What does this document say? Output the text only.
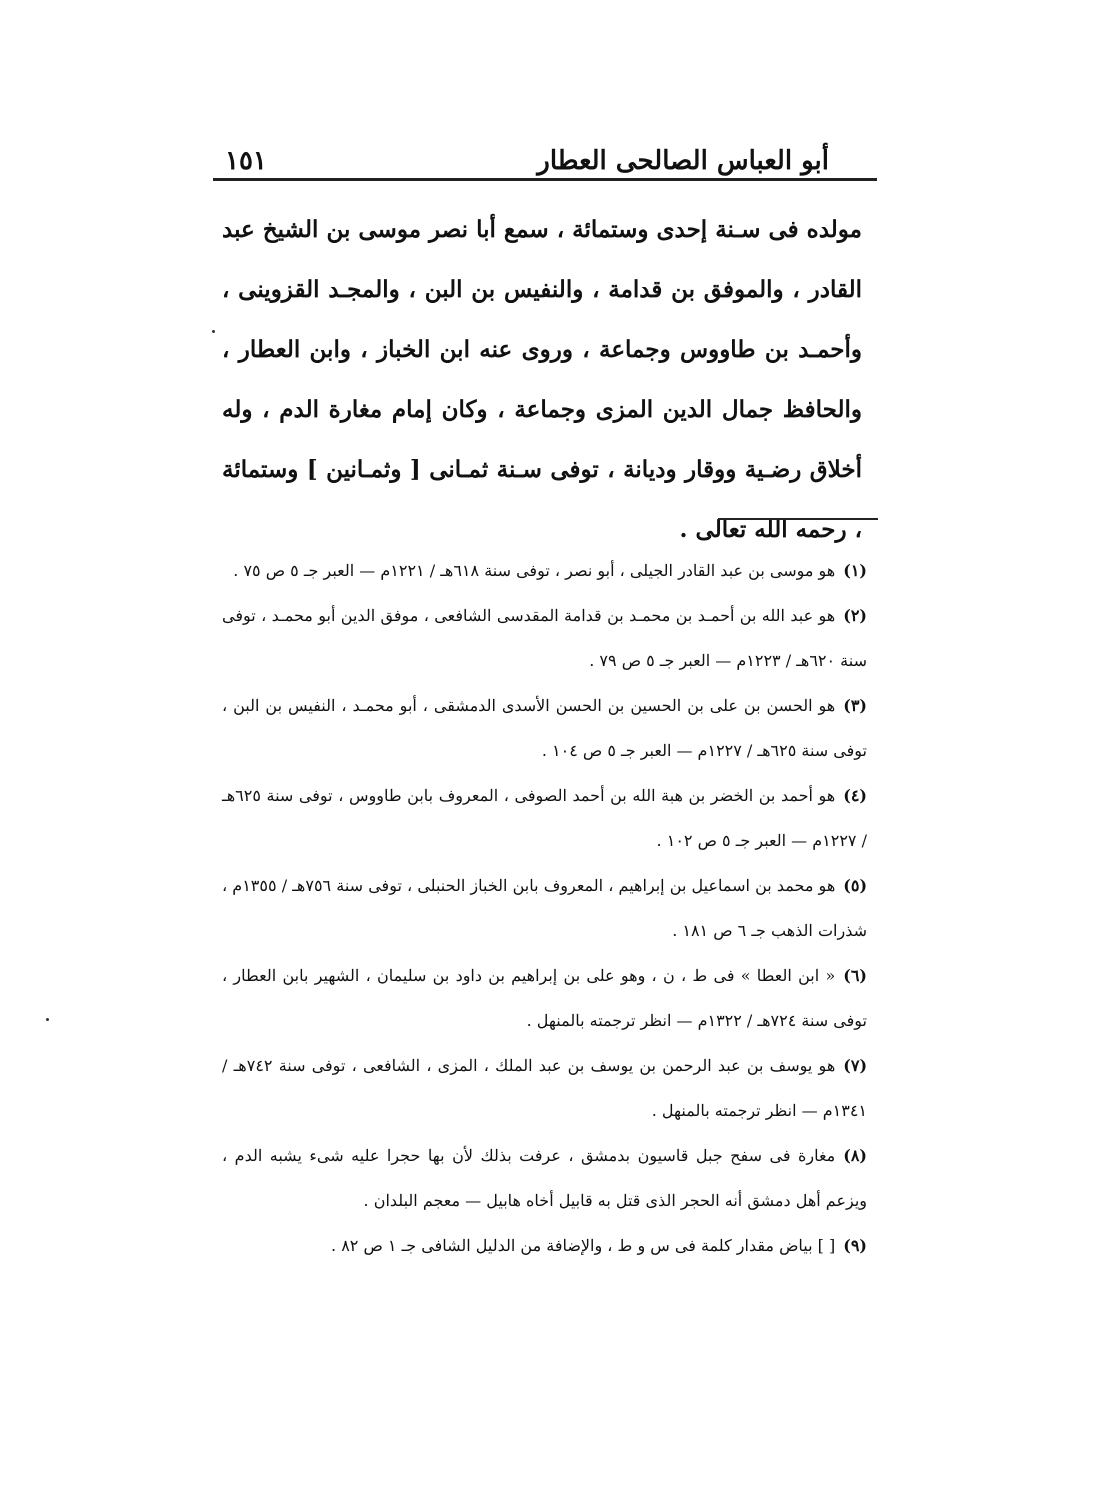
١٥١	أبو العباس الصالحى العطار

مولده فى سـنة إحدى وستمائة ، سمع أبا نصر موسى بن الشيخ عبد القادر ، والموفق بن قدامة ، والنفيس بن البن ، والمجـد القزوينى ، وأحمـد بن طاووس وجماعة ، وروى عنه ابن الخباز ، وابن العطار ، والحافظ جمال الدين المزى وجماعة ، وكان إمام مغارة الدم ، وله أخلاق رضـية ووقار وديانة ، توفى سـنة ثمـانى [ وثمـانين ] وستمائة ، رحمه الله تعالى .

(١)هو موسى بن عبد القادر الجيلى ، أبو نصر ، توفى سنة ٦١٨هـ / ١٢٢١م — العبر جـ ٥ ص ٧٥ .

(٢)هو عبد الله بن أحمـد بن محمـد بن قدامة المقدسى الشافعى ، موفق الدين أبو محمـد ، توفى سنة ٦٢٠هـ / ١٢٢٣م — العبر جـ ٥ ص ٧٩ .

(٣)هو الحسن بن على بن الحسين بن الحسن الأسدى الدمشقى ، أبو محمـد ، النفيس بن البن ، توفى سنة ٦٢٥هـ / ١٢٢٧م — العبر جـ ٥ ص ١٠٤ .

(٤)هو أحمد بن الخضر بن هبة الله بن أحمد الصوفى ، المعروف بابن طاووس ، توفى سنة ٦٢٥هـ / ١٢٢٧م — العبر جـ ٥ ص ١٠٢ .

(٥)هو محمد بن اسماعيل بن إبراهيم ، المعروف بابن الخباز الحنبلى ، توفى سنة ٧٥٦هـ / ١٣٥٥م ، شذرات الذهب جـ ٦ ص ١٨١ .

(٦)« ابن العطا » فى ط ، ن ، وهو على بن إبراهيم بن داود بن سليمان ، الشهير بابن العطار ، توفى سنة ٧٢٤هـ / ١٣٢٢م — انظر ترجمته بالمنهل .

(٧)هو يوسف بن عبد الرحمن بن يوسف بن عبد الملك ، المزى ، الشافعى ، توفى سنة ٧٤٢هـ / ١٣٤١م — انظر ترجمته بالمنهل .

(٨)مغارة فى سفح جبل قاسيون بدمشق ، عرفت بذلك لأن بها حجرا عليه شىء يشبه الدم ، ويزعم أهل دمشق أنه الحجر الذى قتل به قابيل أخاه هابيل — معجم البلدان .

(٩)[ ] بياض مقدار كلمة فى س و ط ، والإضافة من الدليل الشافى جـ ١ ص ٨٢ .
